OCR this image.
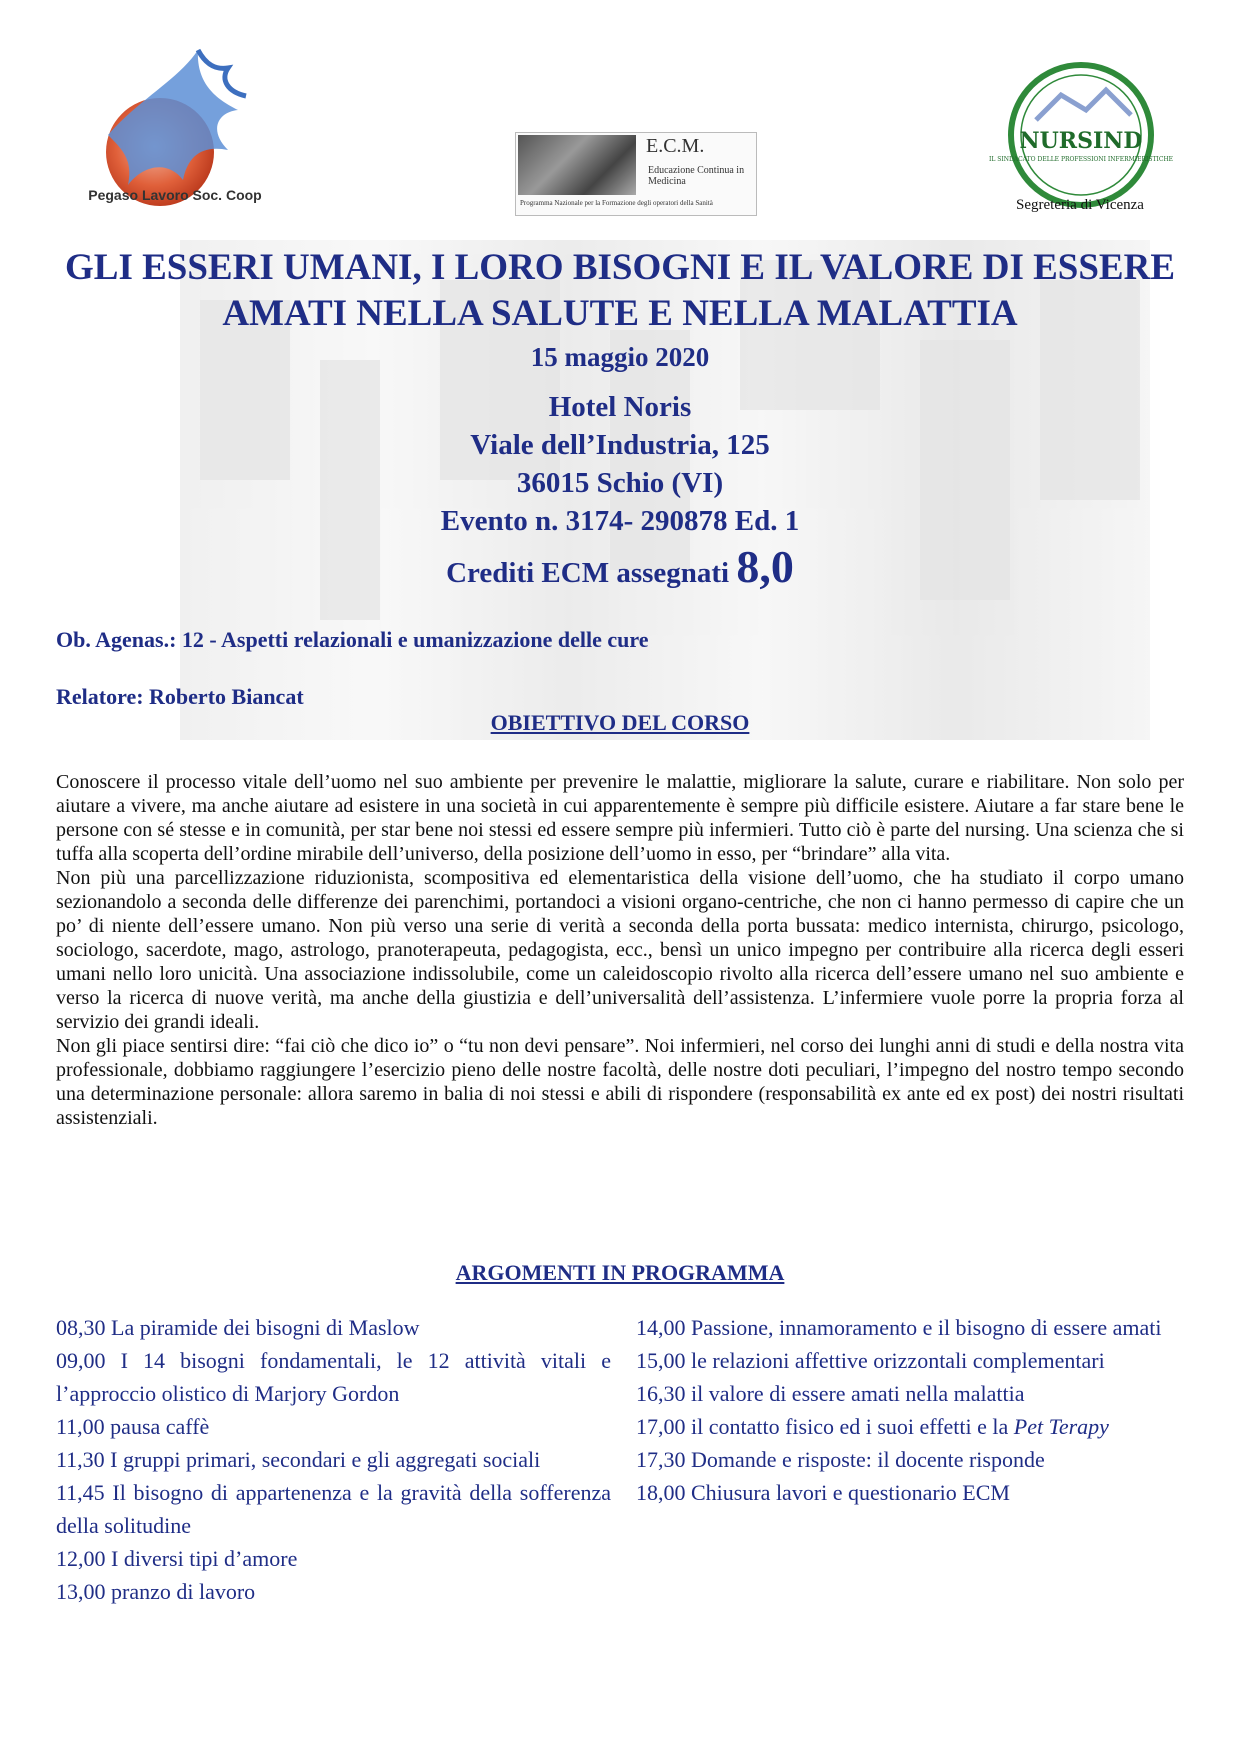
Pegaso Lavoro Soc. Coop
E.C.M.
Educazione Continua in Medicina
Programma Nazionale per la Formazione degli operatori della Sanità
NURSIND
IL SINDACATO DELLE PROFESSIONI INFERMIERISTICHE
Segreteria di Vicenza
GLI ESSERI UMANI, I LORO BISOGNI E IL VALORE DI ESSERE AMATI NELLA SALUTE E NELLA MALATTIA
15 maggio 2020
Hotel Noris
Viale dell’Industria, 125
36015 Schio (VI)
Evento n. 3174- 290878 Ed. 1
Crediti ECM assegnati 8,0
Ob. Agenas.: 12 - Aspetti relazionali e umanizzazione delle cure
Relatore: Roberto Biancat
OBIETTIVO DEL CORSO

Conoscere il processo vitale dell’uomo nel suo ambiente per prevenire le malattie, migliorare la salute, curare e riabilitare. Non solo per aiutare a vivere, ma anche aiutare ad esistere in una società in cui apparentemente è sempre più difficile esistere. Aiutare a far stare bene le persone con sé stesse e in comunità, per star bene noi stessi ed essere sempre più infermieri. Tutto ciò è parte del nursing. Una scienza che si tuffa alla scoperta dell’ordine mirabile dell’universo, della posizione dell’uomo in esso, per “brindare” alla vita.

Non più una parcellizzazione riduzionista, scompositiva ed elementaristica della visione dell’uomo, che ha studiato il corpo umano sezionandolo a seconda delle differenze dei parenchimi, portandoci a visioni organo-centriche, che non ci hanno permesso di capire che un po’ di niente dell’essere umano. Non più verso una serie di verità a seconda della porta bussata: medico internista, chirurgo, psicologo, sociologo, sacerdote, mago, astrologo, pranoterapeuta, pedagogista, ecc., bensì un unico impegno per contribuire alla ricerca degli esseri umani nello loro unicità. Una associazione indissolubile, come un caleidoscopio rivolto alla ricerca dell’essere umano nel suo ambiente e verso la ricerca di nuove verità, ma anche della giustizia e dell’universalità dell’assistenza. L’infermiere vuole porre la propria forza al servizio dei grandi ideali.

Non gli piace sentirsi dire: “fai ciò che dico io” o “tu non devi pensare”. Noi infermieri, nel corso dei lunghi anni di studi e della nostra vita professionale, dobbiamo raggiungere l’esercizio pieno delle nostre facoltà, delle nostre doti peculiari, l’impegno del nostro tempo secondo una determinazione personale: allora saremo in balia di noi stessi e abili di rispondere (responsabilità ex ante ed ex post) dei nostri risultati assistenziali.

ARGOMENTI IN PROGRAMMA

08,30 La piramide dei bisogni di Maslow

09,00 I 14 bisogni fondamentali, le 12 attività vitali e l’approccio olistico di Marjory Gordon

11,00 pausa caffè

11,30 I gruppi primari, secondari e gli aggregati sociali

11,45 Il bisogno di appartenenza e la gravità della sofferenza della solitudine

12,00 I diversi tipi d’amore

13,00 pranzo di lavoro

14,00 Passione, innamoramento e il bisogno di essere amati

15,00 le relazioni affettive orizzontali complementari

16,30 il valore di essere amati nella malattia

17,00 il contatto fisico ed i suoi effetti e la Pet Terapy

17,30 Domande e risposte: il docente risponde

18,00 Chiusura lavori e questionario ECM
